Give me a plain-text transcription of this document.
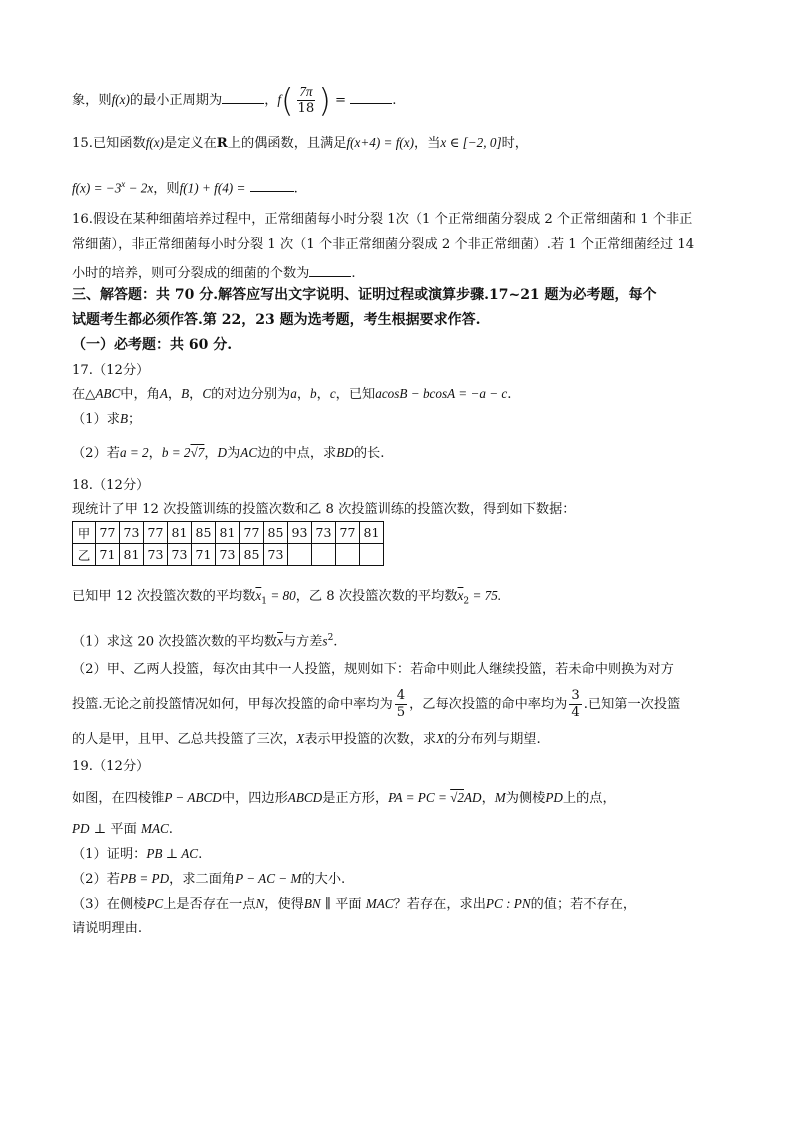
象，则f(x)的最小正周期为	，$f( \frac{7\pi}{18}$ ) =	.
15.已知函数f(x)是定义在R上的偶函数，且满足f(x+4) = f(x)，当x ∈ [−2, 0]时，
$f(x) = -3^x - 2x$，则f(1) + f(4) =	.
16.假设在某种细菌培养过程中，正常细菌每小时分裂 1次（1 个正常细菌分裂成 2 个正常细菌和 1 个非正
常细菌），非正常细菌每小时分裂 1 次（1 个非正常细菌分裂成 2 个非正常细菌）.若 1 个正常细菌经过 14
小时的培养，则可分裂成的细菌的个数为	.
三、解答题：共 70 分.解答应写出文字说明、证明过程或演算步骤.17~21 题为必考题，每个
试题考生都必须作答.第 22，23 题为选考题，考生根据要求作答.
（一）必考题：共 60 分.
17.（12分）
在△ABC中，角A，B，C的对边分别为a，b，c，已知acosB − bcosA = −a − c.
（1）求B；
（2）若a = 2，b = 2√7，D为AC边的中点，求BD的长.
18.（12分）
现统计了甲 12 次投篮训练的投篮次数和乙 8 次投篮训练的投篮次数，得到如下数据：
甲	77	73	77	81	85	81	77	85	93	73	77	81
乙	71	81	73	73	71	73	85	73				
已知甲 12 次投篮次数的平均数$\overline{x}_1 = 80$，乙 8 次投篮次数的平均数$\overline{x}_2 = 75$.
（1）求这 20 次投篮次数的平均数$\overline{x}$与方差$s^2$.
（2）甲、乙两人投篮，每次由其中一人投篮，规则如下：若命中则此人继续投篮，若未命中则换为对方
投篮.无论之前投篮情况如何，甲每次投篮的命中率均为 $\frac{4}{5}$ ，乙每次投篮的命中率均为 $\frac{3}{4}$ .已知第一次投篮
的人是甲，且甲、乙总共投篮了三次，X表示甲投篮的次数，求X的分布列与期望.
19.（12分）
如图，在四棱锥P − ABCD中，四边形ABCD是正方形，PA = PC = √2AD，M为侧棱PD上的点，
PD ⊥ 平面 MAC.
（1）证明：PB ⊥ AC.
（2）若PB = PD，求二面角P − AC − M的大小.
（3）在侧棱PC上是否存在一点N，使得BN ∥ 平面 MAC？若存在，求出PC : PN的值；若不存在，
请说明理由.
